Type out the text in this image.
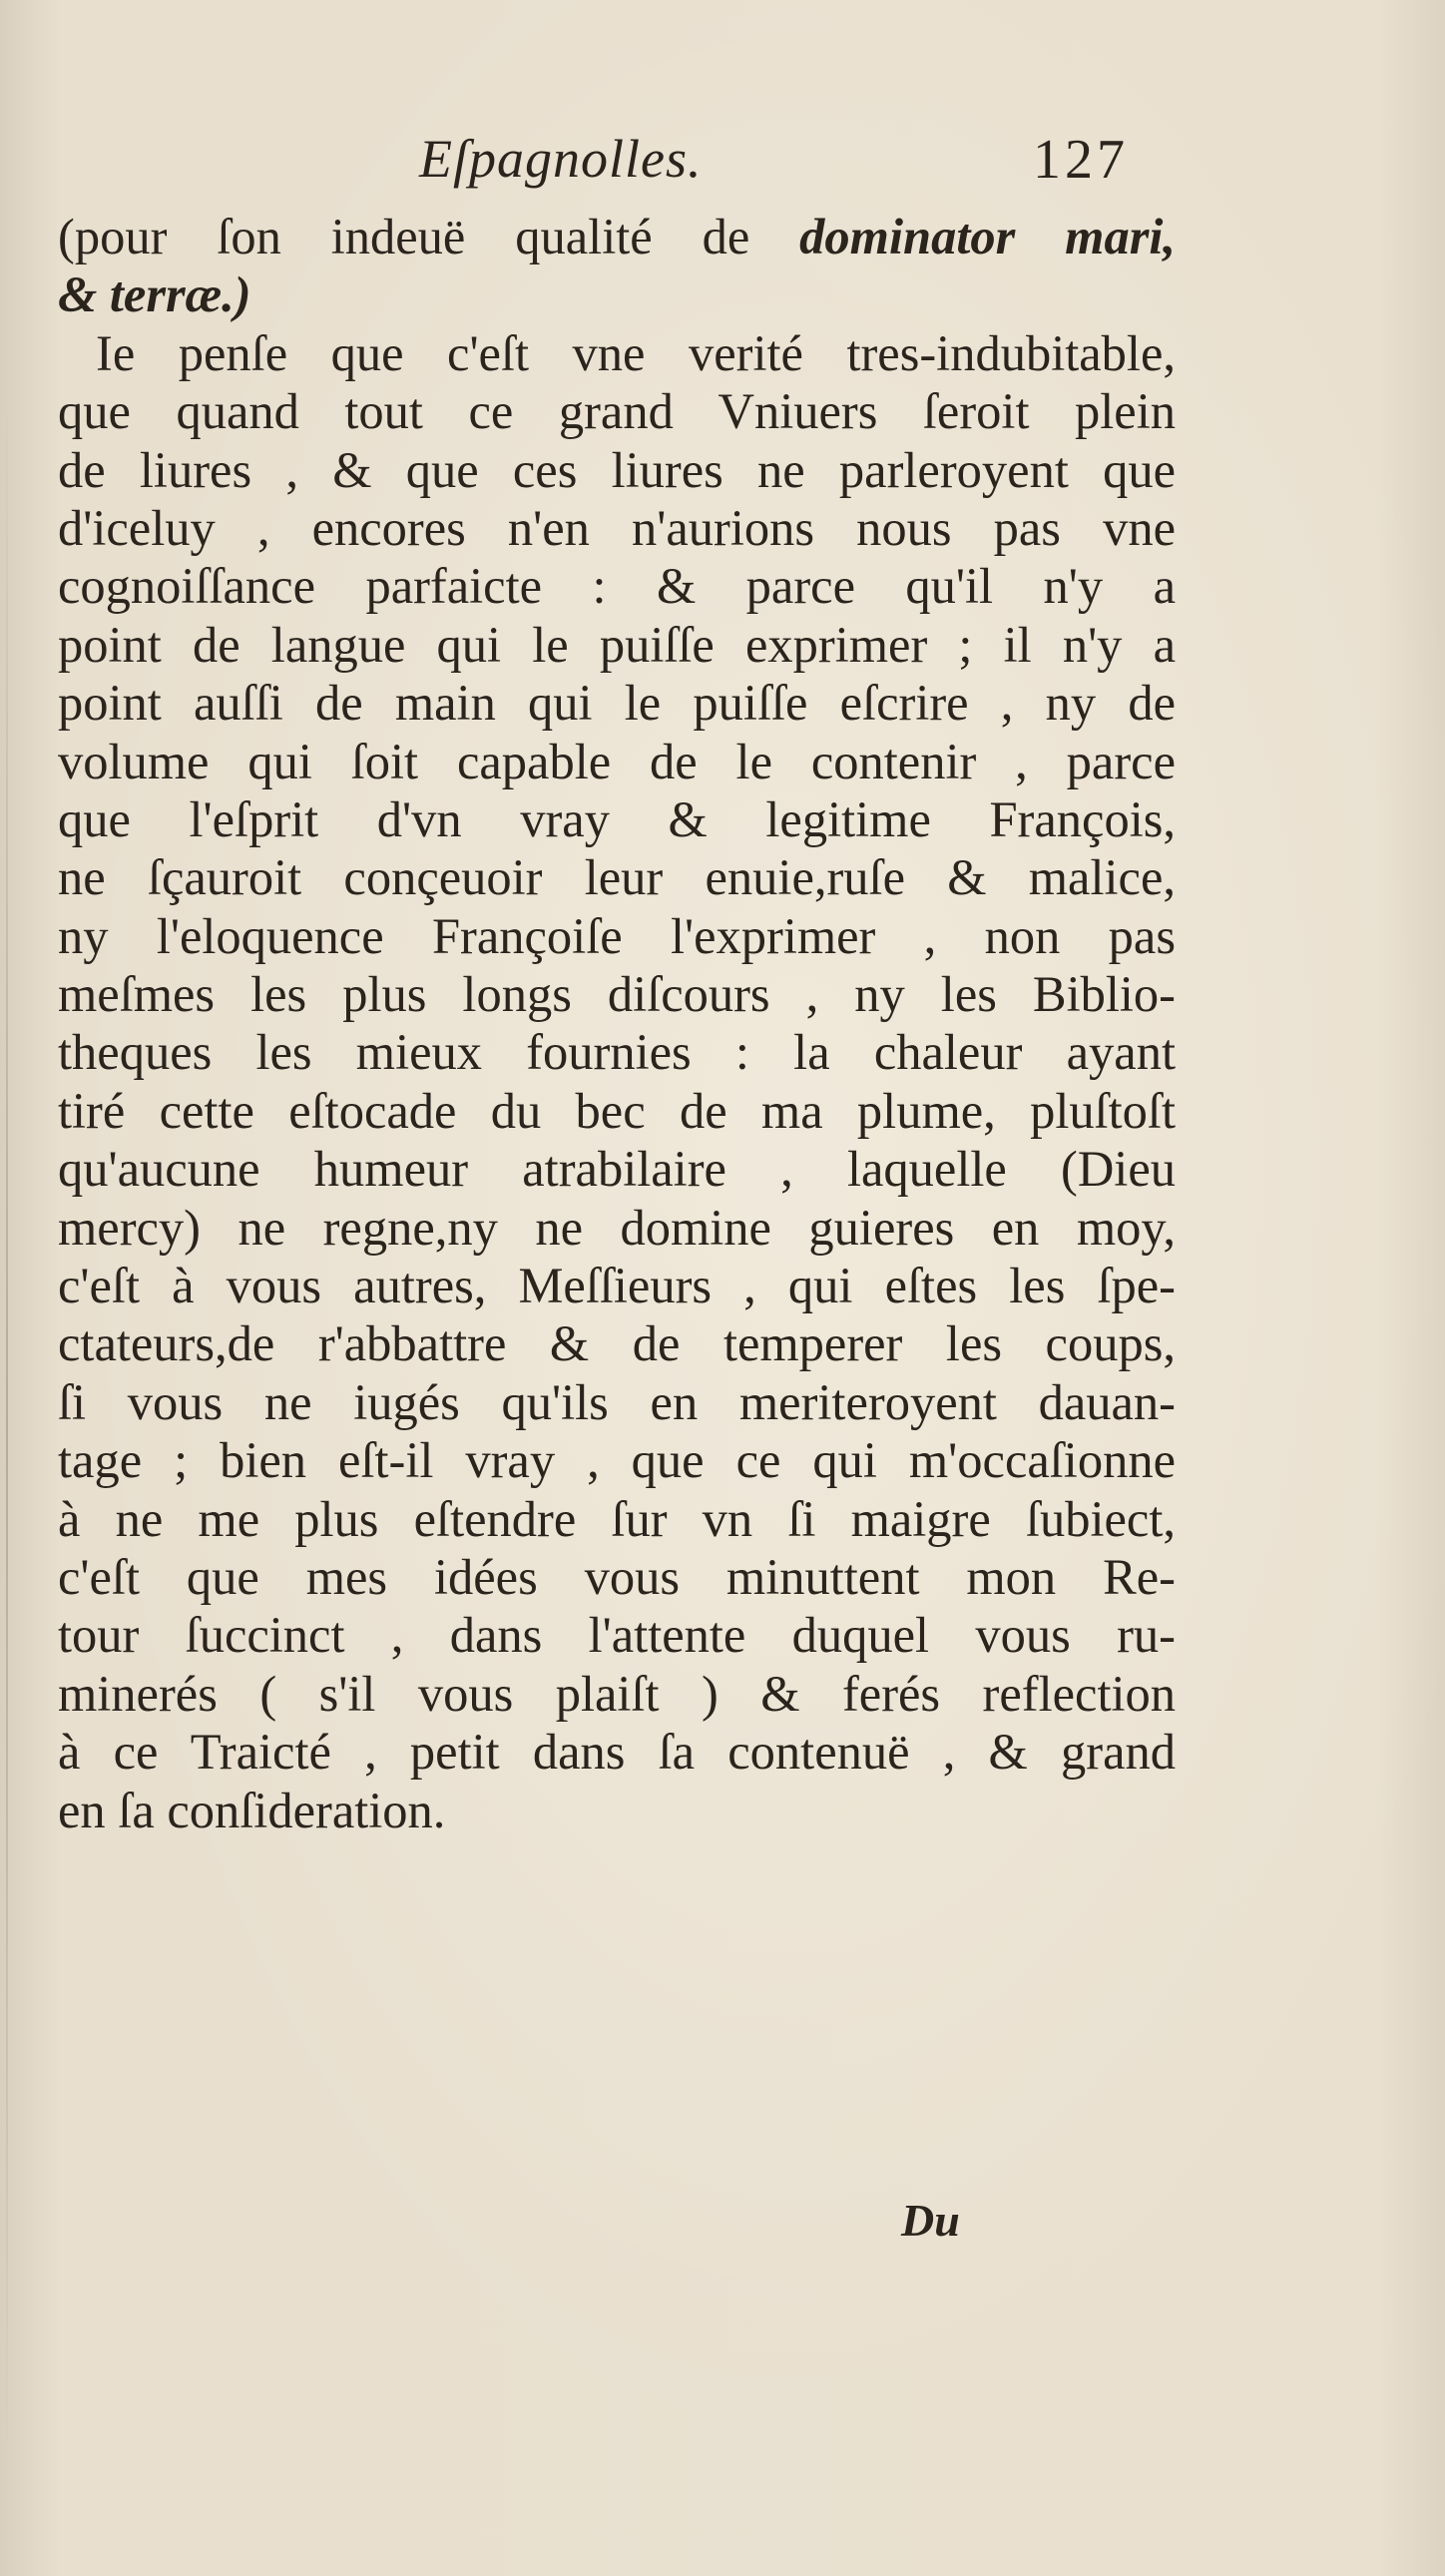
Eſpagnolles.	127
(pour ſon indeuë qualité de dominator mari,
& terræ.)
Ie penſe que c'eſt vne verité tres-indubitable,
que quand tout ce grand Vniuers ſeroit plein
de liures , & que ces liures ne parleroyent que
d'iceluy , encores n'en n'aurions nous pas vne
cognoiſſance parfaicte : & parce qu'il n'y a
point de langue qui le puiſſe exprimer ; il n'y a
point auſſi de main qui le puiſſe eſcrire , ny de
volume qui ſoit capable de le contenir , parce
que l'eſprit d'vn vray & legitime François,
ne ſçauroit conçeuoir leur enuie,ruſe & malice,
ny l'eloquence Françoiſe l'exprimer , non pas
meſmes les plus longs diſcours , ny les Biblio-
theques les mieux fournies : la chaleur ayant
tiré cette eſtocade du bec de ma plume, pluſtoſt
qu'aucune humeur atrabilaire , laquelle (Dieu
mercy) ne regne,ny ne domine guieres en moy,
c'eſt à vous autres, Meſſieurs , qui eſtes les ſpe-
ctateurs,de r'abbattre & de temperer les coups,
ſi vous ne iugés qu'ils en meriteroyent dauan-
tage ; bien eſt-il vray , que ce qui m'occaſionne
à ne me plus eſtendre ſur vn ſi maigre ſubiect,
c'eſt que mes idées vous minuttent mon Re-
tour ſuccinct , dans l'attente duquel vous ru-
minerés ( s'il vous plaiſt ) & ferés reflection
à ce Traicté , petit dans ſa contenuë , & grand
en ſa conſideration.
Du
